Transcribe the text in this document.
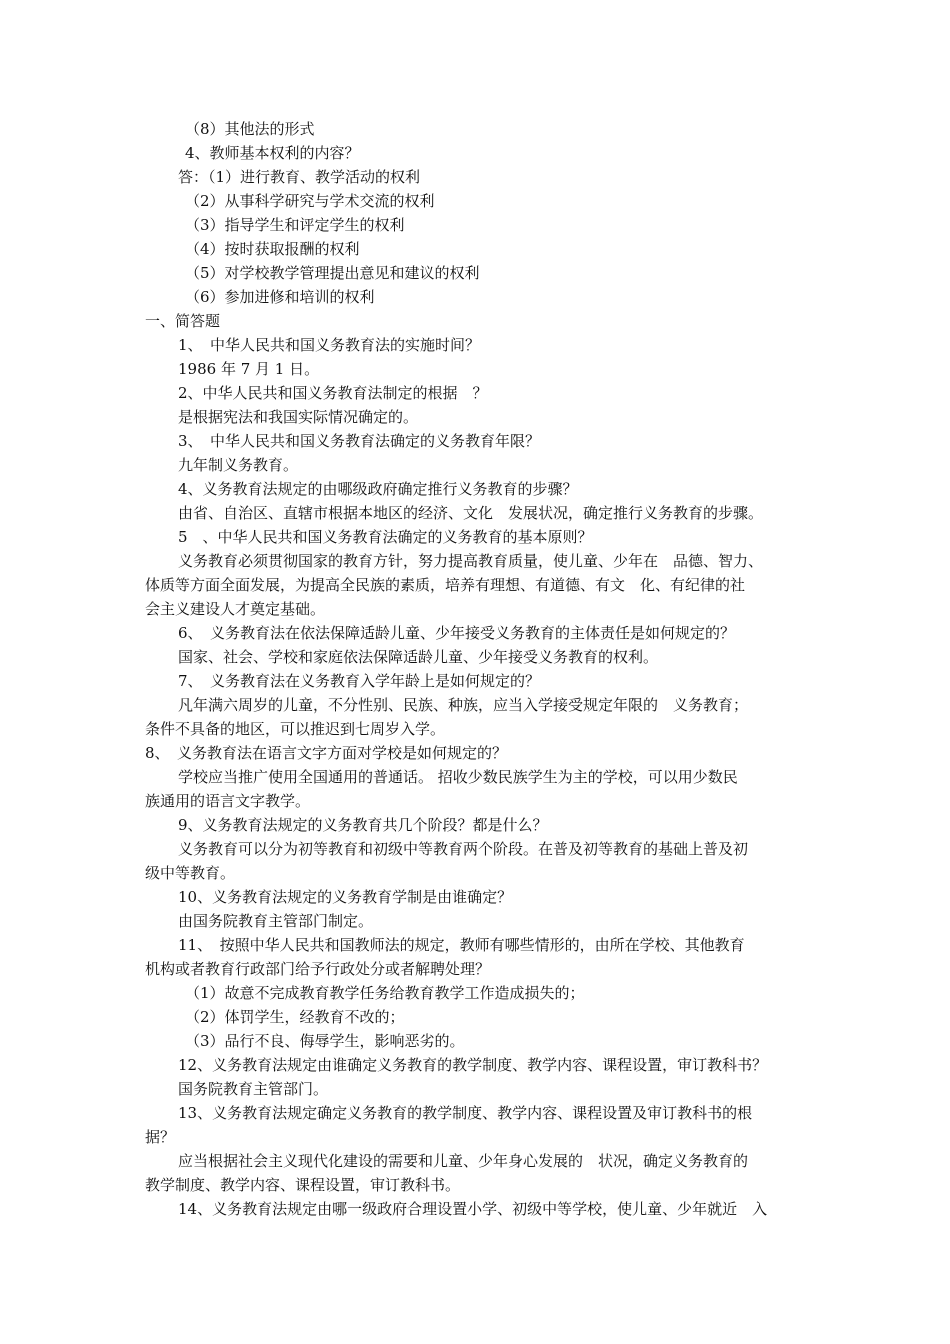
（8）其他法的形式
4、教师基本权利的内容？
答：（1）进行教育、教学活动的权利
（2）从事科学研究与学术交流的权利
（3）指导学生和评定学生的权利
（4）按时获取报酬的权利
（5）对学校教学管理提出意见和建议的权利
（6）参加进修和培训的权利
一、简答题
1、　中华人民共和国义务教育法的实施时间？
1986 年 7 月 1 日。
2、中华人民共和国义务教育法制定的根据　？
是根据宪法和我国实际情况确定的。
3、　中华人民共和国义务教育法确定的义务教育年限？
九年制义务教育。
4、义务教育法规定的由哪级政府确定推行义务教育的步骤？
由省、自治区、直辖市根据本地区的经济、文化　发展状况，确定推行义务教育的步骤。
5　、中华人民共和国义务教育法确定的义务教育的基本原则？
义务教育必须贯彻国家的教育方针，努力提高教育质量，使儿童、少年在　品德、智力、
体质等方面全面发展，为提高全民族的素质，培养有理想、有道德、有文　化、有纪律的社
会主义建设人才奠定基础。
6、　义务教育法在依法保障适龄儿童、少年接受义务教育的主体责任是如何规定的？
国家、社会、学校和家庭依法保障适龄儿童、少年接受义务教育的权利。
7、　义务教育法在义务教育入学年龄上是如何规定的？
凡年满六周岁的儿童，不分性别、民族、种族，应当入学接受规定年限的　义务教育；
条件不具备的地区，可以推迟到七周岁入学。
8、　义务教育法在语言文字方面对学校是如何规定的？
学校应当推广使用全国通用的普通话。 招收少数民族学生为主的学校，可以用少数民
族通用的语言文字教学。
9、义务教育法规定的义务教育共几个阶段？都是什么？
义务教育可以分为初等教育和初级中等教育两个阶段。在普及初等教育的基础上普及初
级中等教育。
10、义务教育法规定的义务教育学制是由谁确定？
由国务院教育主管部门制定。
11、　按照中华人民共和国教师法的规定，教师有哪些情形的，由所在学校、其他教育
机构或者教育行政部门给予行政处分或者解聘处理？
（1）故意不完成教育教学任务给教育教学工作造成损失的；
（2）体罚学生，经教育不改的；
（3）品行不良、侮辱学生，影响恶劣的。
12、义务教育法规定由谁确定义务教育的教学制度、教学内容、课程设置，审订教科书？
国务院教育主管部门。
13、义务教育法规定确定义务教育的教学制度、教学内容、课程设置及审订教科书的根
据？
应当根据社会主义现代化建设的需要和儿童、少年身心发展的　状况，确定义务教育的
教学制度、教学内容、课程设置，审订教科书。
14、义务教育法规定由哪一级政府合理设置小学、初级中等学校，使儿童、少年就近　入
